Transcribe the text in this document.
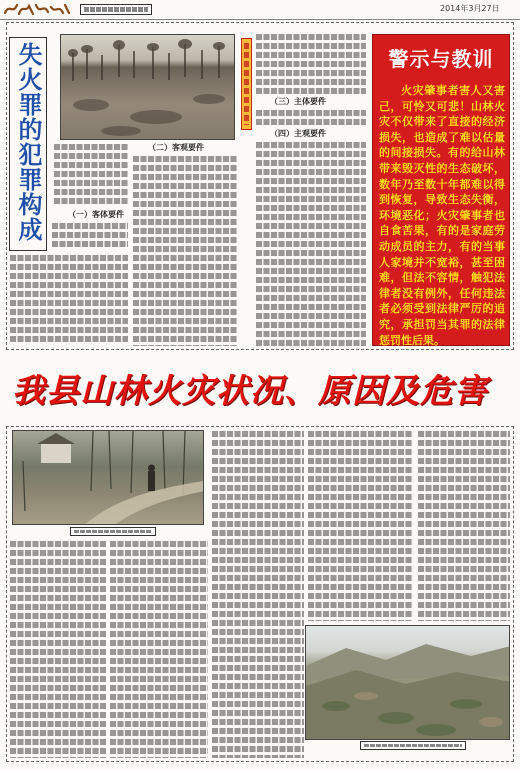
2014年3月27日
失火罪的犯罪构成	（一）客体要件
（二）客观要件
（三）主体要件
（四）主观要件
警示与教训
火灾肇事者害人又害己，可怜又可悲！山林火灾不仅带来了直接的经济损失，也造成了难以估量的间接损失。有的给山林带来毁灭性的生态破坏，数年乃至数十年都难以得到恢复，导致生态失衡，环境恶化；火灾肇事者也自食苦果，有的是家庭劳动成员的主力，有的当事人家境并不宽裕，甚至困难，但法不容情，触犯法律者没有例外，任何违法者必须受到法律严厉的追究，承担罚当其罪的法律惩罚性后果。
我县山林火灾状况、原因及危害
